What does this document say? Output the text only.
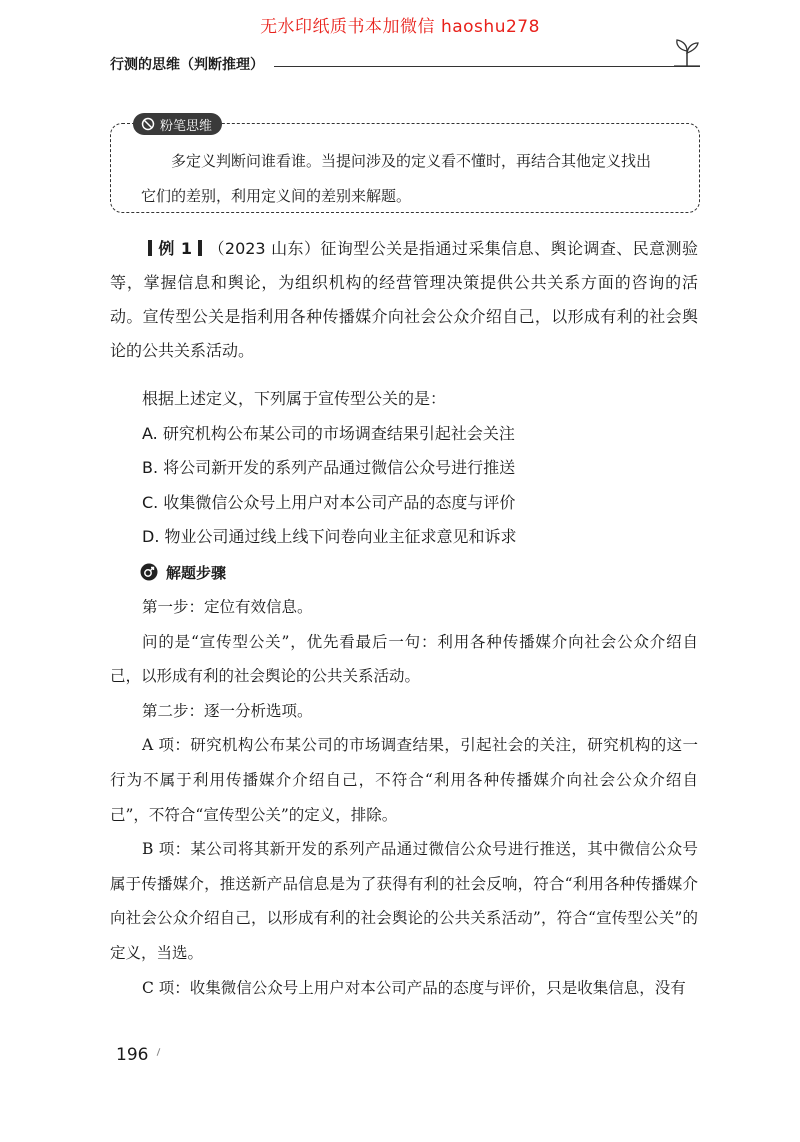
无水印纸质书本加微信 haoshu278
行测的思维（判断推理）
粉笔思维
多定义判断问谁看谁。当提问涉及的定义看不懂时，再结合其他定义找出它们的差别，利用定义间的差别来解题。

例 1 （2023 山东）征询型公关是指通过采集信息、舆论调查、民意测验等，掌握信息和舆论，为组织机构的经营管理决策提供公共关系方面的咨询的活动。宣传型公关是指利用各种传播媒介向社会公众介绍自己，以形成有利的社会舆论的公共关系活动。

根据上述定义，下列属于宣传型公关的是：

A. 研究机构公布某公司的市场调查结果引起社会关注

B. 将公司新开发的系列产品通过微信公众号进行推送

C. 收集微信公众号上用户对本公司产品的态度与评价

D. 物业公司通过线上线下问卷向业主征求意见和诉求

解题步骤

第一步：定位有效信息。

问的是“宣传型公关”，优先看最后一句：利用各种传播媒介向社会公众介绍自己，以形成有利的社会舆论的公共关系活动。

第二步：逐一分析选项。

A 项：研究机构公布某公司的市场调查结果，引起社会的关注，研究机构的这一行为不属于利用传播媒介介绍自己，不符合“利用各种传播媒介向社会公众介绍自己”，不符合“宣传型公关”的定义，排除。

B 项：某公司将其新开发的系列产品通过微信公众号进行推送，其中微信公众号属于传播媒介，推送新产品信息是为了获得有利的社会反响，符合“利用各种传播媒介向社会公众介绍自己，以形成有利的社会舆论的公共关系活动”，符合“宣传型公关”的定义，当选。

C 项：收集微信公众号上用户对本公司产品的态度与评价，只是收集信息，没有

196
